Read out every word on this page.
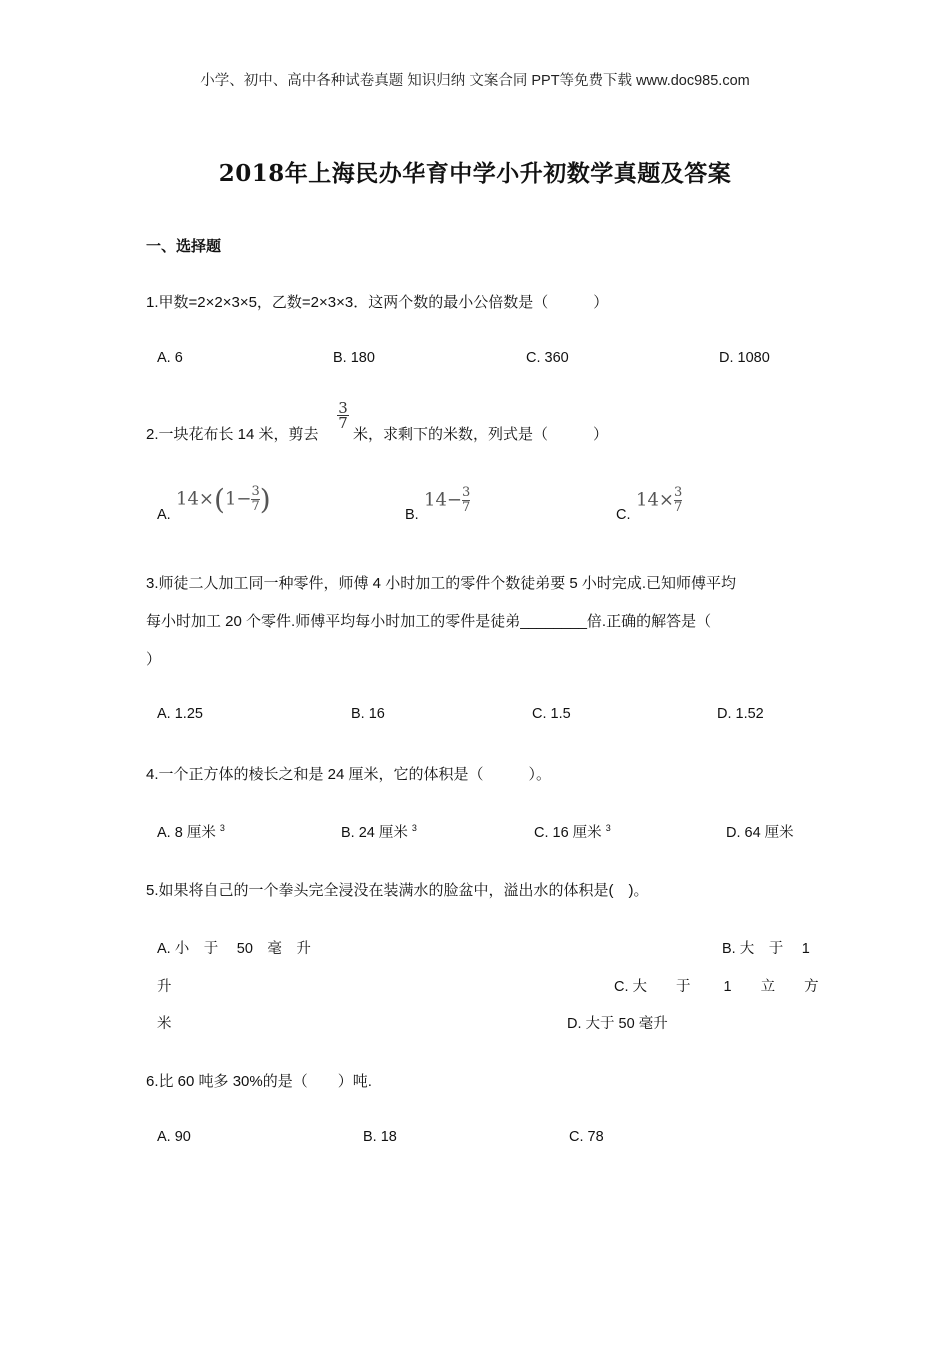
小学、初中、高中各种试卷真题 知识归纳 文案合同 PPT等免费下载 www.doc985.com
2018年上海民办华育中学小升初数学真题及答案
一、选择题
1.甲数=2×2×3×5，乙数=2×3×3．这两个数的最小公倍数是（　　　）
A. 6	B. 180	C. 360	D. 1080
2.一块花布长 14 米，剪去
3
7
米，求剩下的米数，列式是（　　　）
A.
$14\times(1-\frac{3}{7})$	B.
$14-\frac{3}{7}$	C.
$14\times\frac{3}{7}$
3.师徒二人加工同一种零件，师傅 4 小时加工的零件个数徒弟要 5 小时完成.已知师傅平均
每小时加工 20 个零件.师傅平均每小时加工的零件是徒弟________倍.正确的解答是（
）
A. 1.25	B. 16	C. 1.5	D. 1.52
4.一个正方体的棱长之和是 24 厘米，它的体积是（　　　）。
A. 8 厘米 $^3$	B. 24 厘米 $^3$	C. 16 厘米 $^3$	D. 64 厘米
5.如果将自己的一个拳头完全浸没在装满水的脸盆中，溢出水的体积是(　)。
A. 小　于　 50　毫　升	B. 大　于　 1
升	C. 大　　于　　 1　　立　　方
米	D. 大于 50 毫升
6.比 60 吨多 30%的是（　　）吨.
A. 90	B. 18	C. 78
